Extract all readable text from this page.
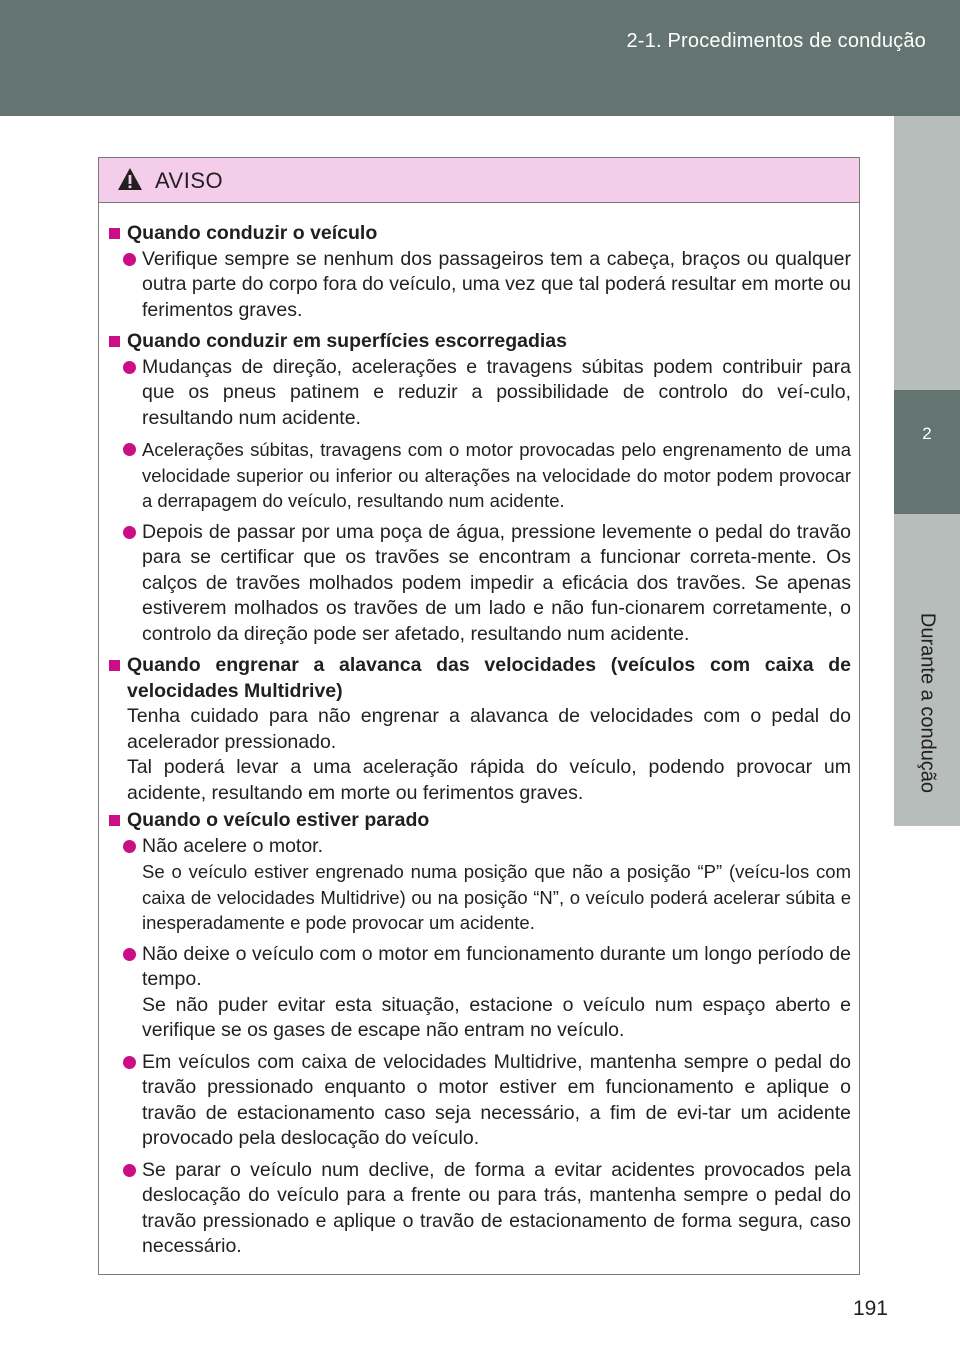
2-1. Procedimentos de condução
2
Durante a condução
AVISO
Quando conduzir o veículo
Verifique sempre se nenhum dos passageiros tem a cabeça, braços ou qualquer outra parte do corpo fora do veículo, uma vez que tal poderá resultar em morte ou ferimentos graves.
Quando conduzir em superfícies escorregadias
Mudanças de direção, acelerações e travagens súbitas podem contribuir para que os pneus patinem e reduzir a possibilidade de controlo do veí-culo, resultando num acidente.
Acelerações súbitas, travagens com o motor provocadas pelo engrenamento de uma velocidade superior ou inferior ou alterações na velocidade do motor podem provocar a derrapagem do veículo, resultando num acidente.
Depois de passar por uma poça de água, pressione levemente o pedal do travão para se certificar que os travões se encontram a funcionar correta-mente. Os calços de travões molhados podem impedir a eficácia dos travões. Se apenas estiverem molhados os travões de um lado e não fun-cionarem corretamente, o controlo da direção pode ser afetado, resultando num acidente.
Quando engrenar a alavanca das velocidades (veículos com caixa de velocidades Multidrive)
Tenha cuidado para não engrenar a alavanca de velocidades com o pedal do acelerador pressionado.
Tal poderá levar a uma aceleração rápida do veículo, podendo provocar um acidente, resultando em morte ou ferimentos graves.
Quando o veículo estiver parado
Não acelere o motor.
Se o veículo estiver engrenado numa posição que não a posição “P” (veícu-los com caixa de velocidades Multidrive) ou na posição “N”, o veículo poderá acelerar súbita e inesperadamente e pode provocar um acidente.
Não deixe o veículo com o motor em funcionamento durante um longo período de tempo.
Se não puder evitar esta situação, estacione o veículo num espaço aberto e verifique se os gases de escape não entram no veículo.
Em veículos com caixa de velocidades Multidrive, mantenha sempre o pedal do travão pressionado enquanto o motor estiver em funcionamento e aplique o travão de estacionamento caso seja necessário, a fim de evi-tar um acidente provocado pela deslocação do veículo.
Se parar o veículo num declive, de forma a evitar acidentes provocados pela deslocação do veículo para a frente ou para trás, mantenha sempre o pedal do travão pressionado e aplique o travão de estacionamento de forma segura, caso necessário.
191
